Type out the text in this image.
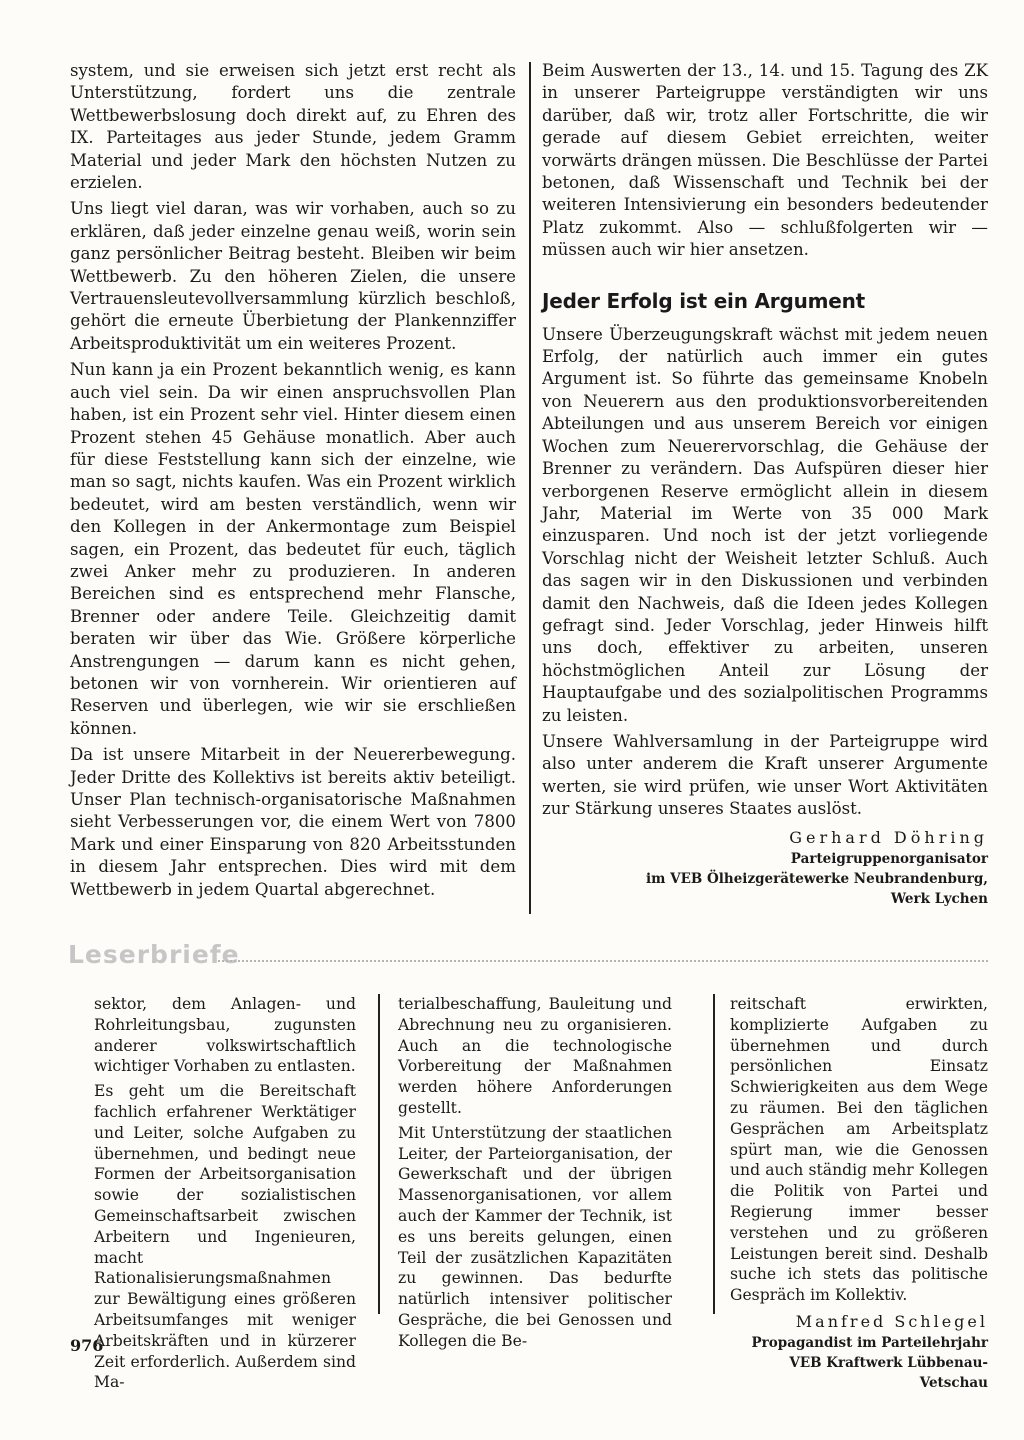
system, und sie erweisen sich jetzt erst recht als Unterstützung, fordert uns die zentrale Wettbewerbslosung doch direkt auf, zu Ehren des IX. Parteitages aus jeder Stunde, jedem Gramm Material und jeder Mark den höchsten Nutzen zu erzielen.

Uns liegt viel daran, was wir vorhaben, auch so zu erklären, daß jeder einzelne genau weiß, worin sein ganz persönlicher Beitrag besteht. Bleiben wir beim Wettbewerb. Zu den höheren Zielen, die unsere Vertrauensleutevollversammlung kürzlich beschloß, gehört die erneute Überbietung der Plankennziffer Arbeitsproduktivität um ein weiteres Prozent.

Nun kann ja ein Prozent bekanntlich wenig, es kann auch viel sein. Da wir einen anspruchsvollen Plan haben, ist ein Prozent sehr viel. Hinter diesem einen Prozent stehen 45 Gehäuse monatlich. Aber auch für diese Feststellung kann sich der einzelne, wie man so sagt, nichts kaufen. Was ein Prozent wirklich bedeutet, wird am besten verständlich, wenn wir den Kollegen in der Ankermontage zum Beispiel sagen, ein Prozent, das bedeutet für euch, täglich zwei Anker mehr zu produzieren. In anderen Bereichen sind es entsprechend mehr Flansche, Brenner oder andere Teile. Gleichzeitig damit beraten wir über das Wie. Größere körperliche Anstrengungen — darum kann es nicht gehen, betonen wir von vornherein. Wir orientieren auf Reserven und überlegen, wie wir sie erschließen können.

Da ist unsere Mitarbeit in der Neuererbewegung. Jeder Dritte des Kollektivs ist bereits aktiv beteiligt. Unser Plan technisch-organisatorische Maßnahmen sieht Verbesserungen vor, die einem Wert von 7800 Mark und einer Einsparung von 820 Arbeitsstunden in diesem Jahr entsprechen. Dies wird mit dem Wettbewerb in jedem Quartal abgerechnet.

Beim Auswerten der 13., 14. und 15. Tagung des ZK in unserer Parteigruppe verständigten wir uns darüber, daß wir, trotz aller Fortschritte, die wir gerade auf diesem Gebiet erreichten, weiter vorwärts drängen müssen. Die Beschlüsse der Partei betonen, daß Wissenschaft und Technik bei der weiteren Intensivierung ein besonders bedeutender Platz zukommt. Also — schlußfolgerten wir — müssen auch wir hier ansetzen.

Jeder Erfolg ist ein Argument

Unsere Überzeugungskraft wächst mit jedem neuen Erfolg, der natürlich auch immer ein gutes Argument ist. So führte das gemeinsame Knobeln von Neuerern aus den produktionsvorbereitenden Abteilungen und aus unserem Bereich vor einigen Wochen zum Neuerervorschlag, die Gehäuse der Brenner zu verändern. Das Aufspüren dieser hier verborgenen Reserve ermöglicht allein in diesem Jahr, Material im Werte von 35 000 Mark einzusparen. Und noch ist der jetzt vorliegende Vorschlag nicht der Weisheit letzter Schluß. Auch das sagen wir in den Diskussionen und verbinden damit den Nachweis, daß die Ideen jedes Kollegen gefragt sind. Jeder Vorschlag, jeder Hinweis hilft uns doch, effektiver zu arbeiten, unseren höchstmöglichen Anteil zur Lösung der Hauptaufgabe und des sozialpolitischen Programms zu leisten.

Unsere Wahlversamlung in der Parteigruppe wird also unter anderem die Kraft unserer Argumente werten, sie wird prüfen, wie unser Wort Aktivitäten zur Stärkung unseres Staates auslöst.

Gerhard Döhring
Parteigruppenorganisator
im VEB Ölheizgerätewerke Neubrandenburg,
Werk Lychen
Leserbriefe

sektor, dem Anlagen- und Rohrleitungsbau, zugunsten anderer volkswirtschaftlich wichtiger Vorhaben zu entlasten.

Es geht um die Bereitschaft fachlich erfahrener Werktätiger und Leiter, solche Aufgaben zu übernehmen, und bedingt neue Formen der Arbeitsorganisation sowie der sozialistischen Gemeinschaftsarbeit zwischen Arbeitern und Ingenieuren, macht Rationalisierungsmaßnahmen zur Bewältigung eines größeren Arbeitsumfanges mit weniger Arbeitskräften und in kürzerer Zeit erforderlich. Außerdem sind Ma-

terialbeschaffung, Bauleitung und Abrechnung neu zu organisieren. Auch an die technologische Vorbereitung der Maßnahmen werden höhere Anforderungen gestellt.

Mit Unterstützung der staatlichen Leiter, der Parteiorganisation, der Gewerkschaft und der übrigen Massenorganisationen, vor allem auch der Kammer der Technik, ist es uns bereits gelungen, einen Teil der zusätzlichen Kapazitäten zu gewinnen. Das bedurfte natürlich intensiver politischer Gespräche, die bei Genossen und Kollegen die Be-

reitschaft erwirkten, komplizierte Aufgaben zu übernehmen und durch persönlichen Einsatz Schwierigkeiten aus dem Wege zu räumen. Bei den täglichen Gesprächen am Arbeitsplatz spürt man, wie die Genossen und auch ständig mehr Kollegen die Politik von Partei und Regierung immer besser verstehen und zu größeren Leistungen bereit sind. Deshalb suche ich stets das politische Gespräch im Kollektiv.

Manfred Schlegel
Propagandist im Parteilehrjahr
VEB Kraftwerk Lübbenau-Vetschau
976
